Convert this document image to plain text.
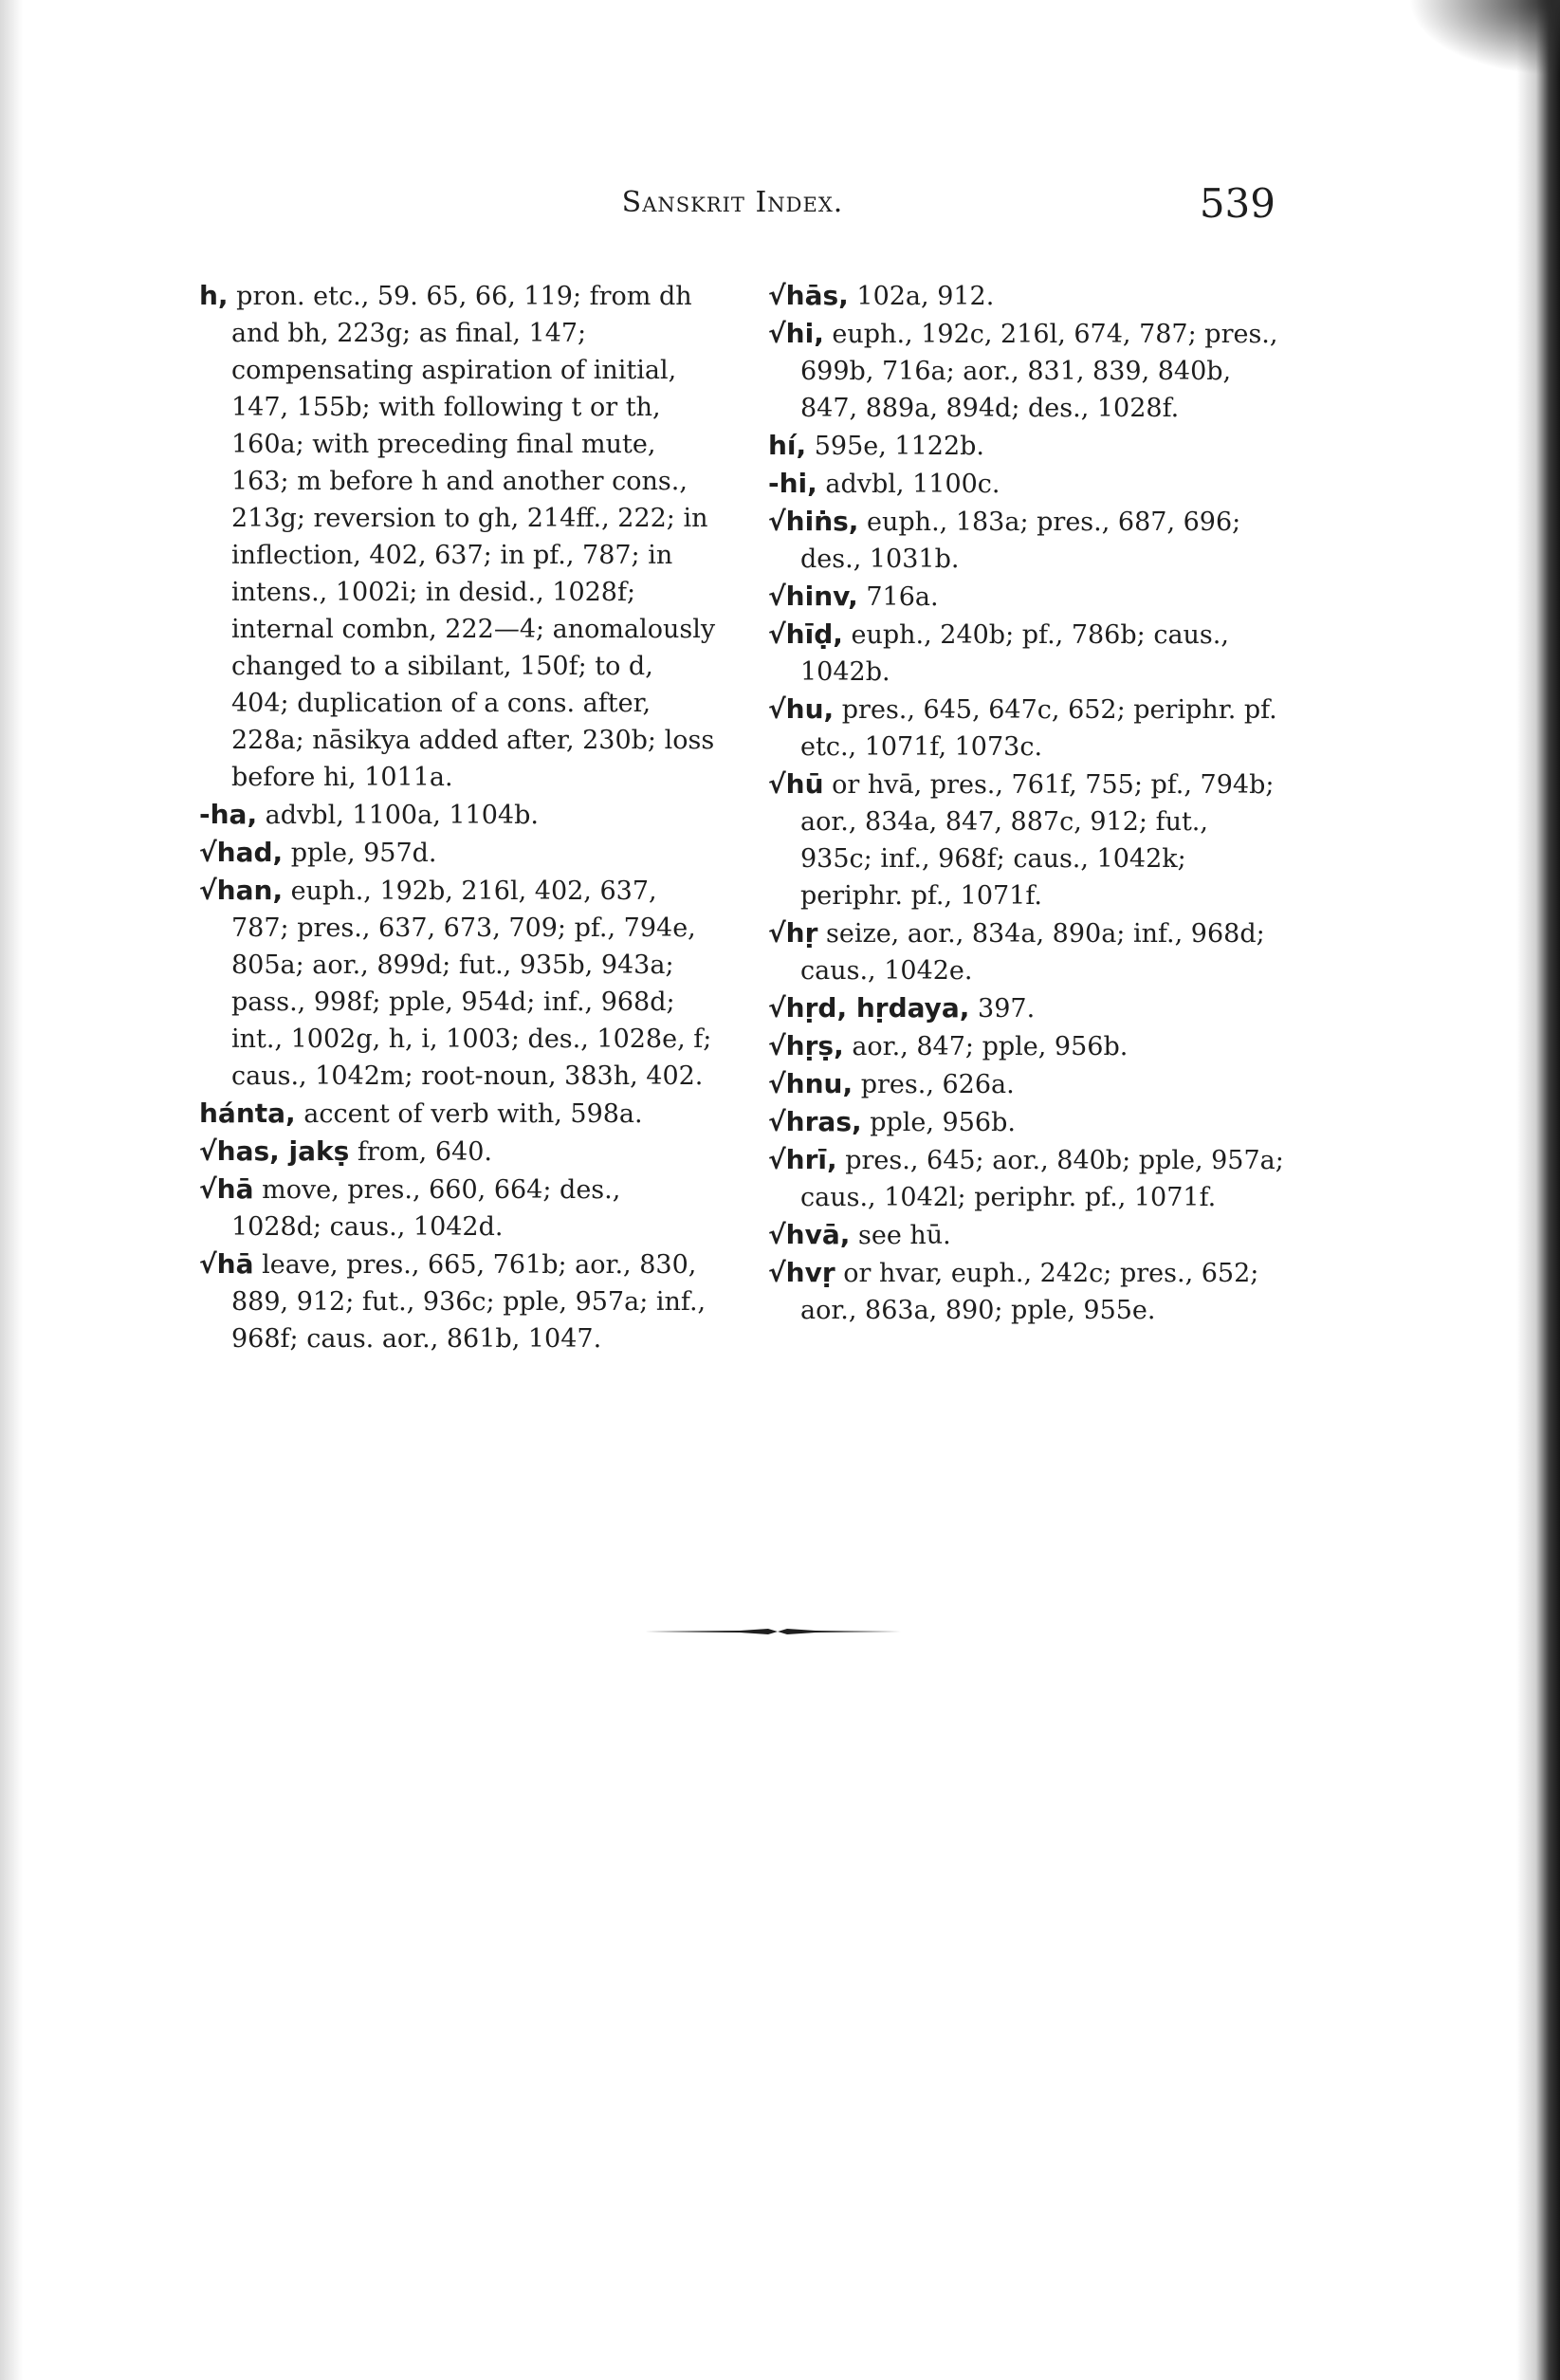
Sanskrit Index.	539

h, pron. etc., 59. 65, 66, 119; from dh and bh, 223g; as final, 147; compensating aspiration of initial, 147, 155b; with following t or th, 160a; with preceding final mute, 163; m before h and another cons., 213g; reversion to gh, 214ff., 222; in inflection, 402, 637; in pf., 787; in intens., 1002i; in desid., 1028f; internal combn, 222—4; anomalously changed to a sibilant, 150f; to d, 404; duplication of a cons. after, 228a; nāsikya added after, 230b; loss before hi, 1011a.

-ha, advbl, 1100a, 1104b.

√had, pple, 957d.

√han, euph., 192b, 216l, 402, 637, 787; pres., 637, 673, 709; pf., 794e, 805a; aor., 899d; fut., 935b, 943a; pass., 998f; pple, 954d; inf., 968d; int., 1002g, h, i, 1003; des., 1028e, f; caus., 1042m; root-noun, 383h, 402.

hánta, accent of verb with, 598a.

√has, jakṣ from, 640.

√hā move, pres., 660, 664; des., 1028d; caus., 1042d.

√hā leave, pres., 665, 761b; aor., 830, 889, 912; fut., 936c; pple, 957a; inf., 968f; caus. aor., 861b, 1047.

√hās, 102a, 912.

√hi, euph., 192c, 216l, 674, 787; pres., 699b, 716a; aor., 831, 839, 840b, 847, 889a, 894d; des., 1028f.

hí, 595e, 1122b.

-hi, advbl, 1100c.

√hiṅs, euph., 183a; pres., 687, 696; des., 1031b.

√hinv, 716a.

√hīḍ, euph., 240b; pf., 786b; caus., 1042b.

√hu, pres., 645, 647c, 652; periphr. pf. etc., 1071f, 1073c.

√hū or hvā, pres., 761f, 755; pf., 794b; aor., 834a, 847, 887c, 912; fut., 935c; inf., 968f; caus., 1042k; periphr. pf., 1071f.

√hṛ seize, aor., 834a, 890a; inf., 968d; caus., 1042e.

√hṛd, hṛdaya, 397.

√hṛṣ, aor., 847; pple, 956b.

√hnu, pres., 626a.

√hras, pple, 956b.

√hrī, pres., 645; aor., 840b; pple, 957a; caus., 1042l; periphr. pf., 1071f.

√hvā, see hū.

√hvṛ or hvar, euph., 242c; pres., 652; aor., 863a, 890; pple, 955e.
